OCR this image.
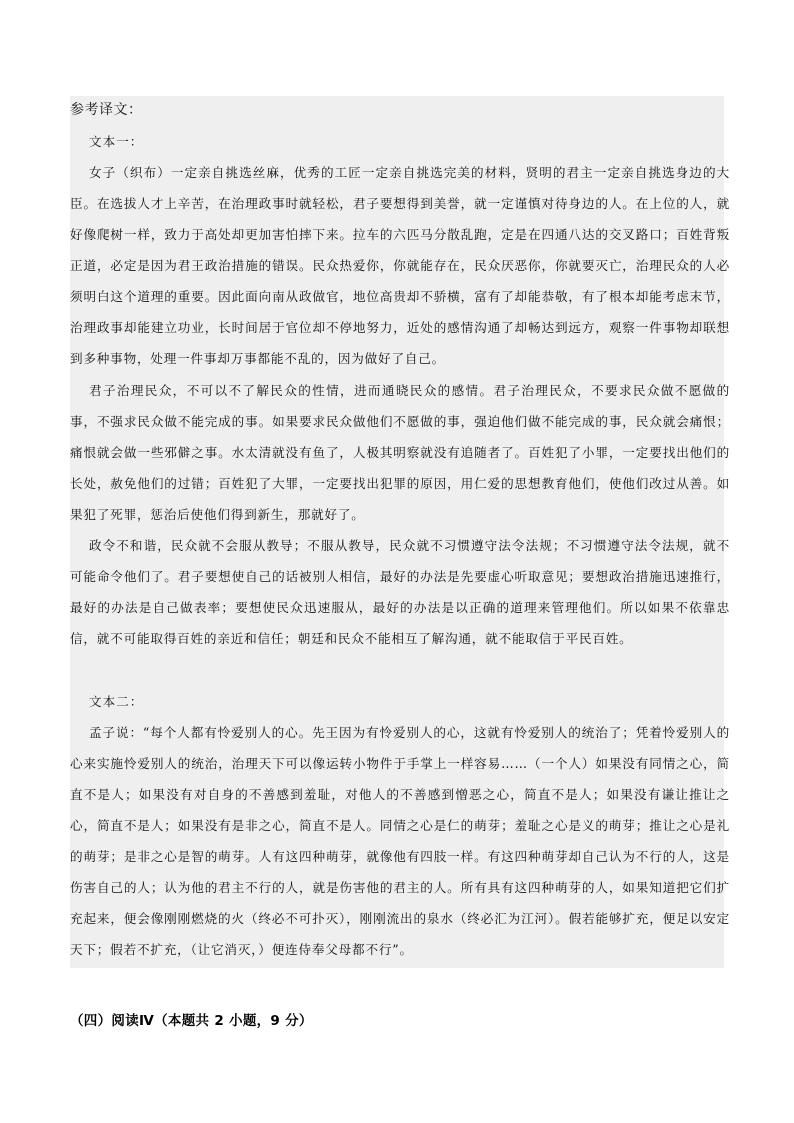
参考译文：
文本一：

女子（织布）一定亲自挑选丝麻，优秀的工匠一定亲自挑选完美的材料，贤明的君主一定亲自挑选身边的大臣。在选拔人才上辛苦，在治理政事时就轻松，君子要想得到美誉，就一定谨慎对待身边的人。在上位的人，就好像爬树一样，致力于高处却更加害怕摔下来。拉车的六匹马分散乱跑，定是在四通八达的交叉路口；百姓背叛正道，必定是因为君王政治措施的错误。民众热爱你，你就能存在，民众厌恶你，你就要灭亡，治理民众的人必须明白这个道理的重要。因此面向南从政做官，地位高贵却不骄横，富有了却能恭敬，有了根本却能考虑末节，治理政事却能建立功业，长时间居于官位却不停地努力，近处的感情沟通了却畅达到远方，观察一件事物却联想到多种事物，处理一件事却万事都能不乱的，因为做好了自己。

君子治理民众，不可以不了解民众的性情，进而通晓民众的感情。君子治理民众，不要求民众做不愿做的事，不强求民众做不能完成的事。如果要求民众做他们不愿做的事，强迫他们做不能完成的事，民众就会痛恨；痛恨就会做一些邪僻之事。水太清就没有鱼了，人极其明察就没有追随者了。百姓犯了小罪，一定要找出他们的长处，赦免他们的过错；百姓犯了大罪，一定要找出犯罪的原因，用仁爱的思想教育他们，使他们改过从善。如果犯了死罪，惩治后使他们得到新生，那就好了。

政令不和谐，民众就不会服从教导；不服从教导，民众就不习惯遵守法令法规；不习惯遵守法令法规，就不可能命令他们了。君子要想使自己的话被别人相信，最好的办法是先要虚心听取意见；要想政治措施迅速推行，最好的办法是自己做表率；要想使民众迅速服从，最好的办法是以正确的道理来管理他们。所以如果不依靠忠信，就不可能取得百姓的亲近和信任；朝廷和民众不能相互了解沟通，就不能取信于平民百姓。

文本二：

孟子说：“每个人都有怜爱别人的心。先王因为有怜爱别人的心，这就有怜爱别人的统治了；凭着怜爱别人的心来实施怜爱别人的统治，治理天下可以像运转小物件于手掌上一样容易……（一个人）如果没有同情之心，简直不是人；如果没有对自身的不善感到羞耻，对他人的不善感到憎恶之心，简直不是人；如果没有谦让推让之心，简直不是人；如果没有是非之心，简直不是人。同情之心是仁的萌芽；羞耻之心是义的萌芽；推让之心是礼的萌芽；是非之心是智的萌芽。人有这四种萌芽，就像他有四肢一样。有这四种萌芽却自己认为不行的人，这是伤害自己的人；认为他的君主不行的人，就是伤害他的君主的人。所有具有这四种萌芽的人，如果知道把它们扩充起来，便会像刚刚燃烧的火（终必不可扑灭），刚刚流出的泉水（终必汇为江河）。假若能够扩充，便足以安定天下；假若不扩充，（让它消灭，）便连侍奉父母都不行”。

（四）阅读Ⅳ（本题共 2 小题，9 分）
